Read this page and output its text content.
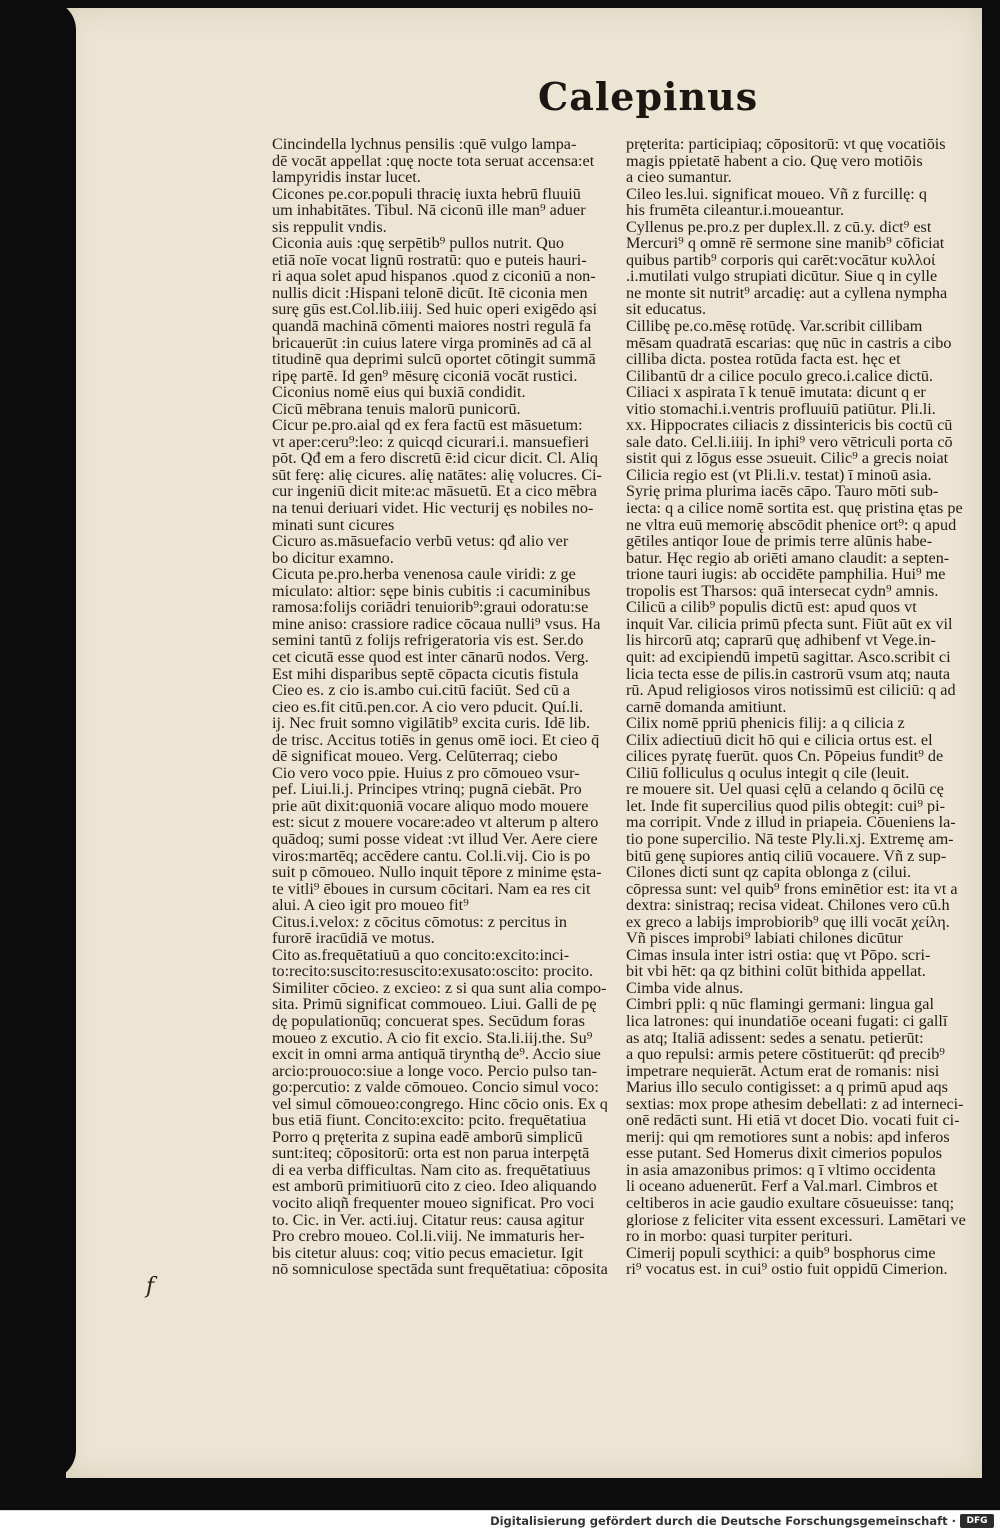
Calepinus
Cincindella lychnus pensilis :quē vulgo lampa-
dē vocāt appellat :quę nocte tota seruat accensa:et
lampyridis instar lucet.
Cicones pe.cor.populi thracię iuxta hebrū fluuiū
um inhabitātes. Tibul. Nā ciconū ille man⁹ aduer
sis reppulit vndis.
Ciconia auis :quę serpētib⁹ pullos nutrit. Quo
etiā noīe vocat lignū rostratū: quo e puteis hauri-
ri aqua solet apud hispanos .quod z ciconiū a non-
nullis dicit :Hispani telonē dicūt. Itē ciconia men
surę gūs est.Col.lib.iiij. Sed huic operi exigēdo ąsi
quandā machinā cōmenti maiores nostri regulā fa
bricauerūt :in cuius latere virga prominēs ad cā al
titudinē qua deprimi sulcū oportet cōtingit summā
ripę partē. Id gen⁹ mēsurę ciconiā vocāt rustici.
Ciconius nomē eius qui buxiā condidit.
Cicū mēbrana tenuis malorū punicorū.
Cicur pe.pro.aial qd ex fera factū est māsuetum:
vt aper:ceru⁹:leo: z quicqd cicurari.i. mansuefieri
pōt. Qđ em a fero discretū ē:id cicur dicit. Cl. Aliq
sūt ferę: alię cicures. alię natātes: alię volucres. Ci-
cur ingeniū dicit mite:ac māsuetū. Et a cico mēbra
na tenui deriuari videt. Hic vecturij ęs nobiles no-
minati sunt cicures
Cicuro as.māsuefacio verbū vetus: qđ alio ver
bo dicitur examno.
Cicuta pe.pro.herba venenosa caule viridi: z ge
miculato: altior: sępe binis cubitis :i cacuminibus
ramosa:folijs coriādri tenuiorib⁹:graui odoratu:se
mine aniso: crassiore radice cōcaua nulli⁹ vsus. Ha
semini tantū z folijs refrigeratoria vis est. Ser.do
cet cicutā esse quod est inter cānarū nodos. Verg.
Est mihi disparibus septē cōpacta cicutis fistula
Cieo es. z cio is.ambo cui.citū faciūt. Sed cū a
cieo es.fit citū.pen.cor. A cio vero pducit. Quí.li.
ij. Nec fruit somno vigilātib⁹ excita curis. Idē lib.
de trisc. Accitus totiēs in genus omē ioci. Et cieo q̄
dē significat moueo. Verg. Celūterraq; ciebo
Cio vero voco ppie. Huius z pro cōmoueo vsur-
pef. Liui.li.j. Principes vtrinq; pugnā ciebāt. Pro
prie aūt dixit:quoniā vocare aliquo modo mouere
est: sicut z mouere vocare:adeo vt alterum p altero
quādoq; sumi posse videat :vt illud Ver. Aere ciere
viros:martēq; accēdere cantu. Col.li.vij. Cio is po
suit p cōmoueo. Nullo inquit tēpore z minime ęsta-
te vitli⁹ ēboues in cursum cōcitari. Nam ea res cit
alui. A cieo igit pro moueo fit⁹
Citus.i.velox: z cōcitus cōmotus: z percitus in
furorē iracūdiā ve motus.
Cito as.frequētatiuū a quo concito:excito:inci-
to:recito:suscito:resuscito:exusato:oscito: procito.
Similiter cōcieo. z excieo: z si qua sunt alia compo-
sita. Primū significat commoueo. Liui. Galli de pę
dę populationūq; concuerat spes. Secūdum foras
moueo z excutio. A cio fit excio. Sta.li.iij.the. Su⁹
excit in omni arma antiquā tirynthą de⁹. Accio siue
arcio:prouoco:siue a longe voco. Percio pulso tan-
go:percutio: z valde cōmoueo. Concio simul voco:
vel simul cōmoueo:congrego. Hinc cōcio onis. Ex q
bus etiā fiunt. Concito:excito: pcito. frequētatiua
Porro q pręterita z supina eadē amborū simplicū
sunt:iteq; cōpositorū: orta est non parua interpętā
di ea verba difficultas. Nam cito as. frequētatiuus
est amborū primitiuorū cito z cieo. Ideo aliquando
vocito aliqñ frequenter moueo significat. Pro voci
to. Cic. in Ver. acti.iuj. Citatur reus: causa agitur
Pro crebro moueo. Col.li.viij. Ne immaturis her-
bis citetur aluus: coq; vitio pecus emacietur. Igit
nō somniculose spectāda sunt frequētatiua: cōposita
pręterita: participiaq; cōpositorū: vt quę vocatiōis
magis ppietatē habent a cio. Quę vero motiōis
a cieo sumantur.
Cileo les.lui. significat moueo. Vñ z furcillę: q
his frumēta cileantur.i.moueantur.
Cyllenus pe.pro.z per duplex.ll. z cū.y. dict⁹ est
Mercuri⁹ q omnē rē sermone sine manib⁹ cōficiat
quibus partib⁹ corporis qui carēt:vocātur κυλλοί
.i.mutilati vulgo strupiati dicūtur. Siue q in cylle
ne monte sit nutrit⁹ arcadię: aut a cyllena nympha
sit educatus.
Cillibę pe.co.mēsę rotūdę. Var.scribit cillibam
mēsam quadratā escarias: quę nūc in castris a cibo
cilliba dicta. postea rotūda facta est. hęc et
Cilibantū dr a cilice poculo greco.i.calice dictū.
Ciliaci x aspirata ī k tenuē imutata: dicunt q er
vitio stomachi.i.ventris profluuiū patiūtur. Pli.li.
xx. Hippocrates ciliacis z dissintericis bis coctū cū
sale dato. Cel.li.iiij. In iphi⁹ vero vētriculi porta cō
sistit qui z lōgus esse ɔsueuit. Cilic⁹ a grecis noiat
Cilicia regio est (vt Pli.li.v. testat) ī minoū asia.
Syrię prima plurima iacēs cāpo. Tauro mōti sub-
iecta: q a cilice nomē sortita est. quę pristina ętas pe
ne vltra euū memorię abscōdit phenice ort⁹: q apud
gētiles antiqor Ioue de primis terre alūnis habe-
batur. Hęc regio ab oriēti amano claudit: a septen-
trione tauri iugis: ab occidēte pamphilia. Hui⁹ me
tropolis est Tharsos: quā intersecat cydn⁹ amnis.
Cilicū a cilib⁹ populis dictū est: apud quos vt
inquit Var. cilicia primū pfecta sunt. Fiūt aūt ex vil
lis hircorū atq; caprarū quę adhibenf vt Vege.in-
quit: ad excipiendū impetū sagittar. Asco.scribit ci
licia tecta esse de pilis.in castrorū vsum atq; nauta
rū. Apud religiosos viros notissimū est ciliciū: q ad
carnē domanda amitiunt.
Cilix nomē ppriū phenicis filij: a q cilicia z
Cilix adiectiuū dicit hō qui e cilicia ortus est. el
cilices pyratę fuerūt. quos Cn. Pōpeius fundit⁹ de
Ciliū folliculus q oculus integit q cile (leuit.
re mouere sit. Uel quasi cęlū a celando q ōcilū cę
let. Inde fit supercilius quod pilis obtegit: cui⁹ pi-
ma corripit. Vnde z illud in priapeia. Cōueniens la-
tio pone supercilio. Nā teste Ply.li.xj. Extremę am-
bitū genę supiores antiq ciliū vocauere. Vñ z sup-
Cilones dicti sunt qz capita oblonga z (cilui.
cōpressa sunt: vel quib⁹ frons eminētior est: ita vt a
dextra: sinistraq; recisa videat. Chilones vero cū.h
ex greco a labijs improbiorib⁹ quę illi vocāt χείλη.
Vñ pisces improbi⁹ labiati chilones dicūtur
Cimas insula inter istri ostia: quę vt Pōpo. scri-
bit vbi hēt: qa qz bithini colūt bithida appellat.
Cimba vide alnus.
Cimbri ppli: q nūc flamingi germani: lingua gal
lica latrones: qui inundatiōe oceani fugati: ci gallī
as atq; Italiā adissent: sedes a senatu. petierūt:
a quo repulsi: armis petere cōstituerūt: qđ precib⁹
impetrare nequierāt. Actum erat de romanis: nisi
Marius illo seculo contigisset: a q primū apud aqs
sextias: mox prope athesim debellati: z ad interneci-
onē redācti sunt. Hi etiā vt docet Dio. vocati fuit ci-
merij: qui qm remotiores sunt a nobis: apd inferos
esse putant. Sed Homerus dixit cimerios populos
in asia amazonibus primos: q ī vltimo occidenta
li oceano aduenerūt. Ferf a Val.marl. Cimbros et
celtiberos in acie gaudio exultare cōsueuisse: tanq;
gloriose z feliciter vita essent excessuri. Lamētari ve
ro in morbo: quasi turpiter perituri.
Cimerij populi scythici: a quib⁹ bosphorus cime
ri⁹ vocatus est. in cui⁹ ostio fuit oppidū Cimerion.
f
Digitalisierung gefördert durch die Deutsche Forschungsgemeinschaft ·	DFG
